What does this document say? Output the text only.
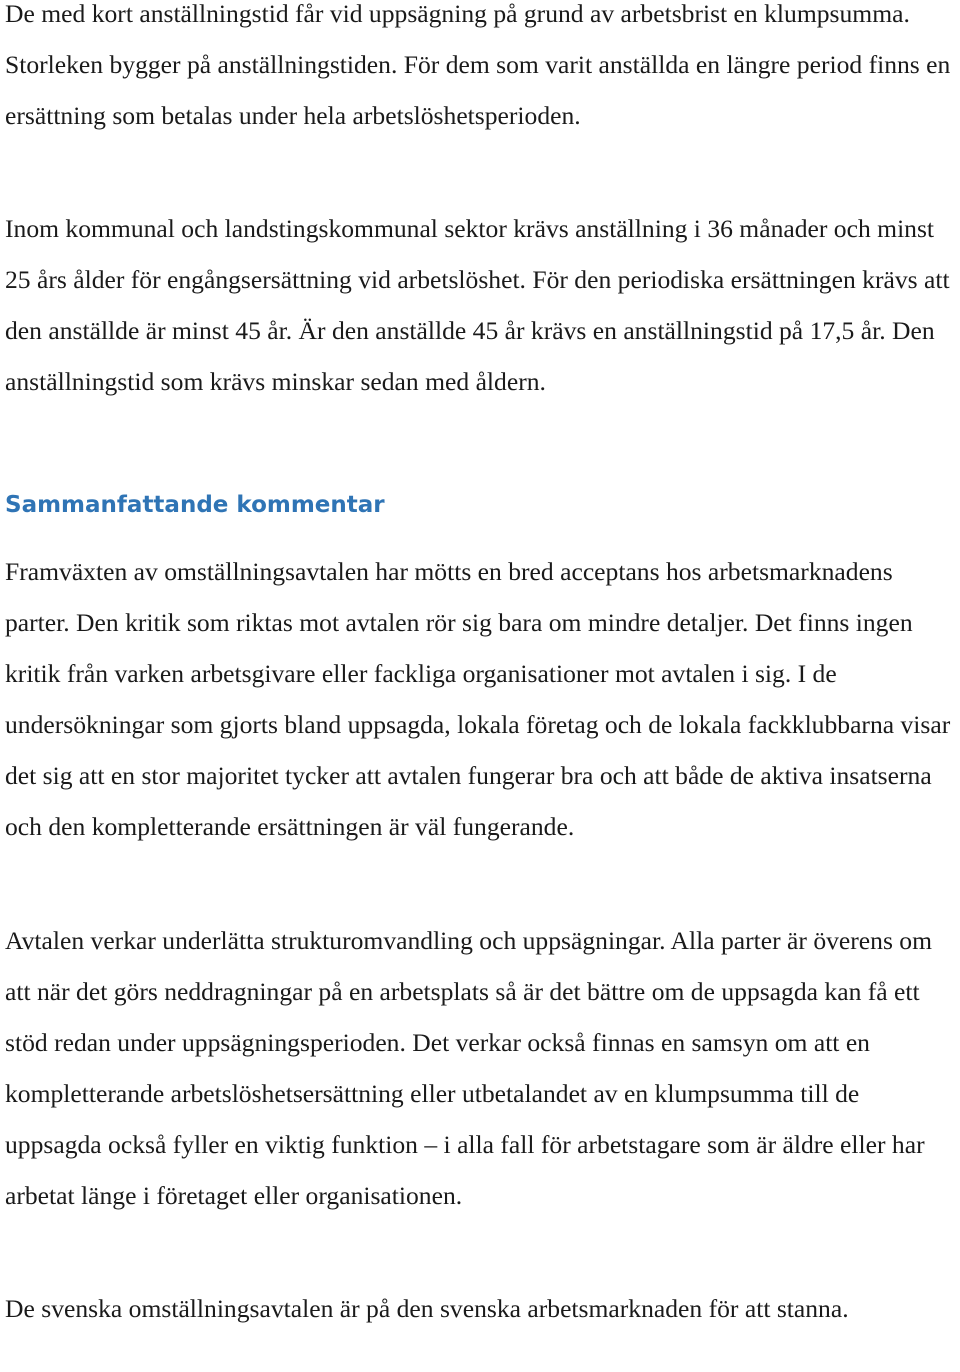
De med kort anställningstid får vid uppsägning på grund av arbetsbrist en klumpsumma. Storleken bygger på anställningstiden. För dem som varit anställda en längre period finns en ersättning som betalas under hela arbetslöshetsperioden.

Inom kommunal och landstingskommunal sektor krävs anställning i 36 månader och minst 25 års ålder för engångsersättning vid arbetslöshet. För den periodiska ersättningen krävs att den anställde är minst 45 år. Är den anställde 45 år krävs en anställningstid på 17,5 år. Den anställningstid som krävs minskar sedan med åldern.

Sammanfattande kommentar

Framväxten av omställningsavtalen har mötts en bred acceptans hos arbetsmarknadens parter. Den kritik som riktas mot avtalen rör sig bara om mindre detaljer. Det finns ingen kritik från varken arbetsgivare eller fackliga organisationer mot avtalen i sig. I de undersökningar som gjorts bland uppsagda, lokala företag och de lokala fackklubbarna visar det sig att en stor majoritet tycker att avtalen fungerar bra och att både de aktiva insatserna och den kompletterande ersättningen är väl fungerande.

Avtalen verkar underlätta strukturomvandling och uppsägningar. Alla parter är överens om att när det görs neddragningar på en arbetsplats så är det bättre om de uppsagda kan få ett stöd redan under uppsägningsperioden. Det verkar också finnas en samsyn om att en kompletterande arbetslöshetsersättning eller utbetalandet av en klumpsumma till de uppsagda också fyller en viktig funktion – i alla fall för arbetstagare som är äldre eller har arbetat länge i företaget eller organisationen.

De svenska omställningsavtalen är på den svenska arbetsmarknaden för att stanna.
